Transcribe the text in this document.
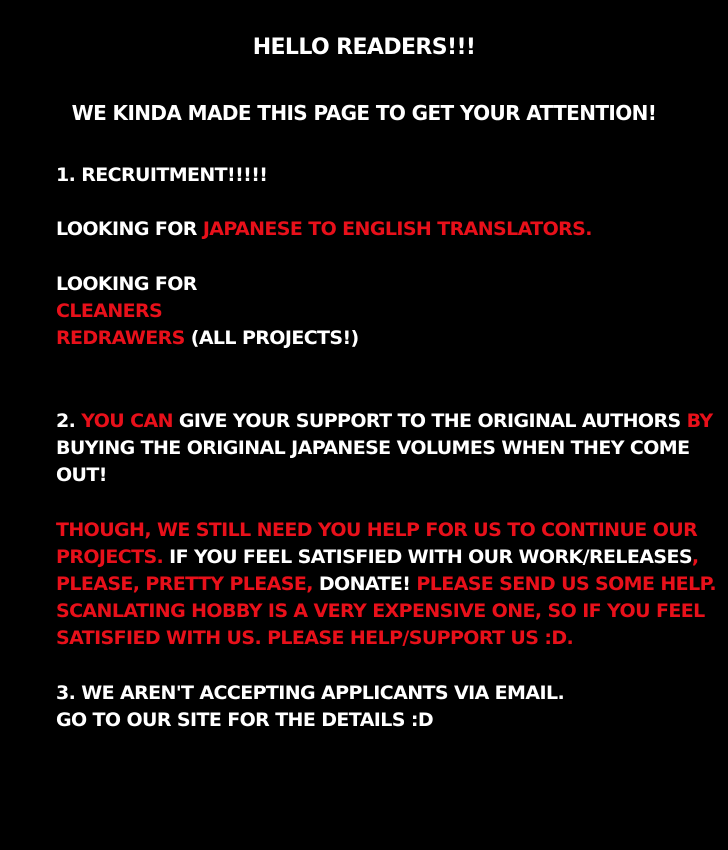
HELLO READERS!!!
WE KINDA MADE THIS PAGE TO GET YOUR ATTENTION!
1. RECRUITMENT!!!!!
LOOKING FOR JAPANESE TO ENGLISH TRANSLATORS.
LOOKING FOR
CLEANERS
REDRAWERS (ALL PROJECTS!)
2. YOU CAN GIVE YOUR SUPPORT TO THE ORIGINAL AUTHORS BY
BUYING THE ORIGINAL JAPANESE VOLUMES WHEN THEY COME
OUT!
THOUGH, WE STILL NEED YOU HELP FOR US TO CONTINUE OUR
PROJECTS. IF YOU FEEL SATISFIED WITH OUR WORK/RELEASES,
PLEASE, PRETTY PLEASE, DONATE! PLEASE SEND US SOME HELP.
SCANLATING HOBBY IS A VERY EXPENSIVE ONE, SO IF YOU FEEL
SATISFIED WITH US. PLEASE HELP/SUPPORT US :D.
3. WE AREN'T ACCEPTING APPLICANTS VIA EMAIL.
GO TO OUR SITE FOR THE DETAILS :D
